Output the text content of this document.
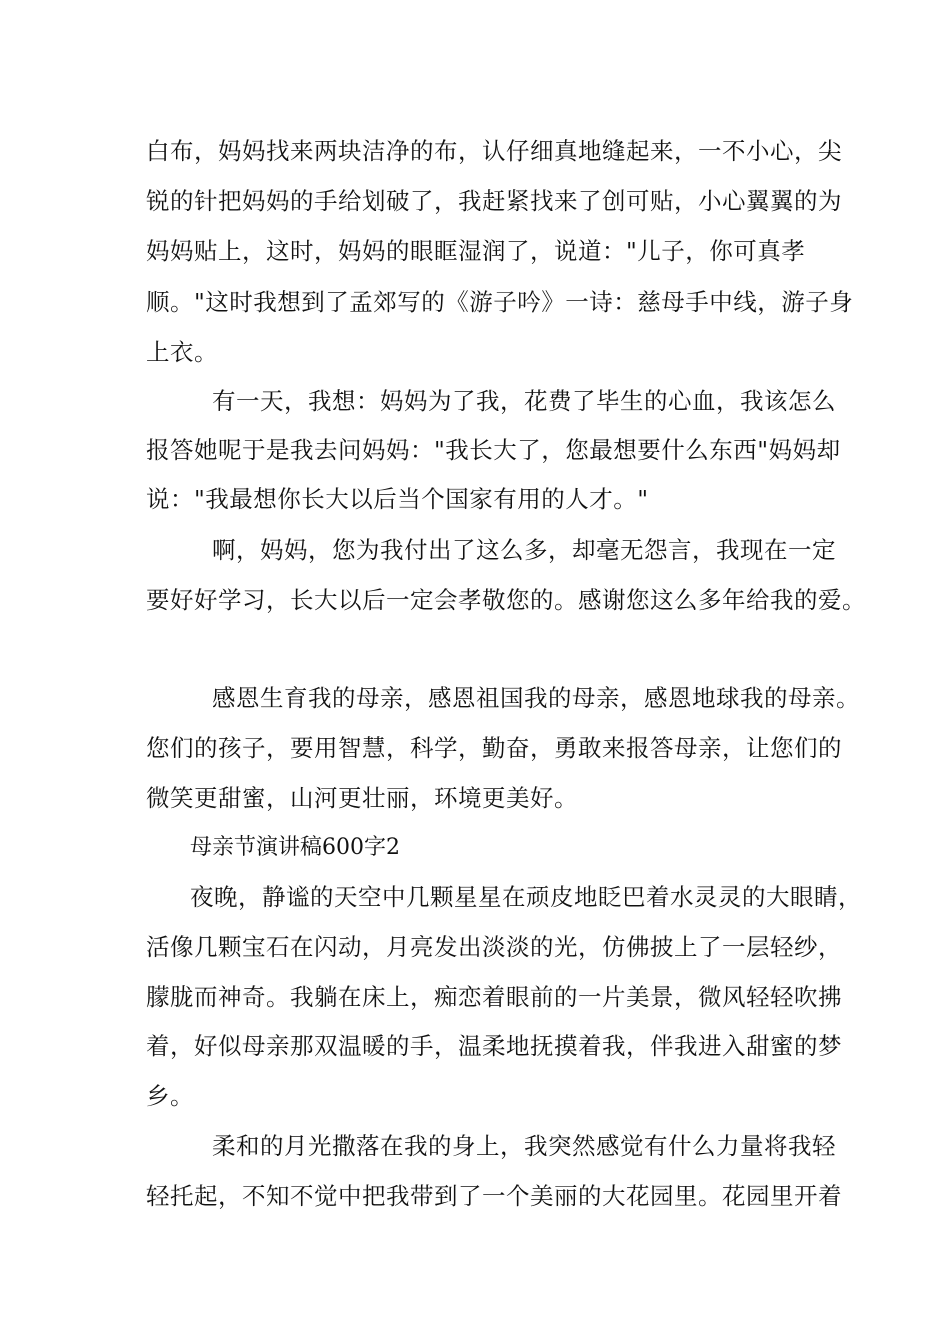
白布，妈妈找来两块洁净的布，认仔细真地缝起来，一不小心，尖
锐的针把妈妈的手给划破了，我赶紧找来了创可贴，小心翼翼的为
妈妈贴上，这时，妈妈的眼眶湿润了，说道："儿子，你可真孝
顺。"这时我想到了孟郊写的《游子吟》一诗：慈母手中线，游子身
上衣。
有一天，我想：妈妈为了我，花费了毕生的心血，我该怎么
报答她呢于是我去问妈妈："我长大了，您最想要什么东西"妈妈却
说："我最想你长大以后当个国家有用的人才。"
啊，妈妈，您为我付出了这么多，却毫无怨言，我现在一定
要好好学习，长大以后一定会孝敬您的。感谢您这么多年给我的爱。
感恩生育我的母亲，感恩祖国我的母亲，感恩地球我的母亲。
您们的孩子，要用智慧，科学，勤奋，勇敢来报答母亲，让您们的
微笑更甜蜜，山河更壮丽，环境更美好。
母亲节演讲稿600字2
夜晚，静谧的天空中几颗星星在顽皮地眨巴着水灵灵的大眼睛，
活像几颗宝石在闪动，月亮发出淡淡的光，仿佛披上了一层轻纱，
朦胧而神奇。我躺在床上，痴恋着眼前的一片美景，微风轻轻吹拂
着，好似母亲那双温暖的手，温柔地抚摸着我，伴我进入甜蜜的梦
乡。
柔和的月光撒落在我的身上，我突然感觉有什么力量将我轻
轻托起，不知不觉中把我带到了一个美丽的大花园里。花园里开着
